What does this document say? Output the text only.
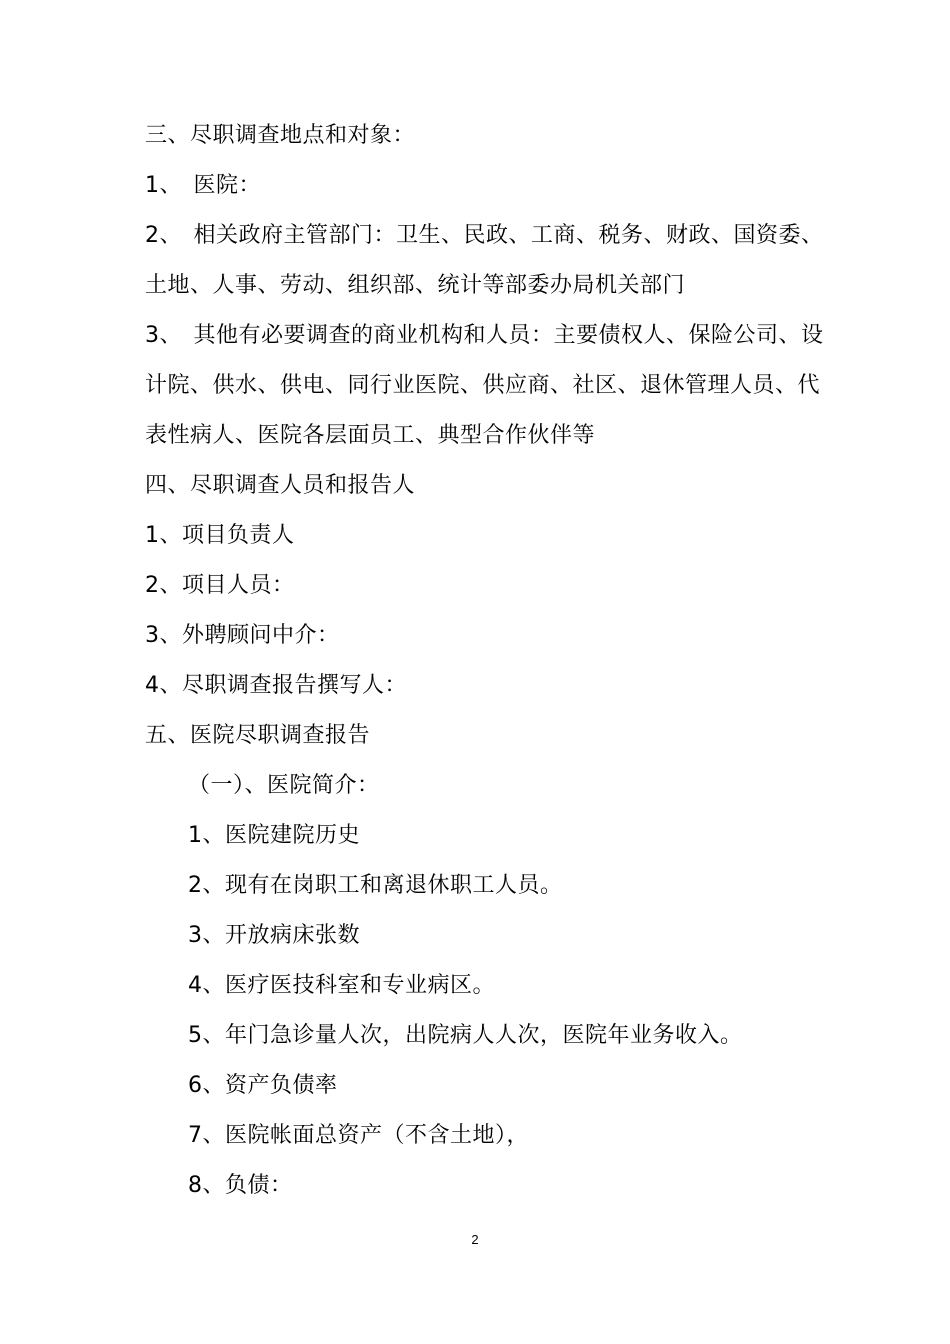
三、尽职调查地点和对象：
1、　医院：
2、　相关政府主管部门：卫生、民政、工商、税务、财政、国资委、
土地、人事、劳动、组织部、统计等部委办局机关部门
3、　其他有必要调查的商业机构和人员：主要债权人、保险公司、设
计院、供水、供电、同行业医院、供应商、社区、退休管理人员、代
表性病人、医院各层面员工、典型合作伙伴等
四、尽职调查人员和报告人
1、项目负责人
2、项目人员：
3、外聘顾问中介：
4、尽职调查报告撰写人：
五、医院尽职调查报告
（一）、医院简介：
1、医院建院历史
2、现有在岗职工和离退休职工人员。
3、开放病床张数
4、医疗医技科室和专业病区。
5、年门急诊量人次，出院病人人次，医院年业务收入。
6、资产负债率
7、医院帐面总资产（不含土地），
8、负债：
2
